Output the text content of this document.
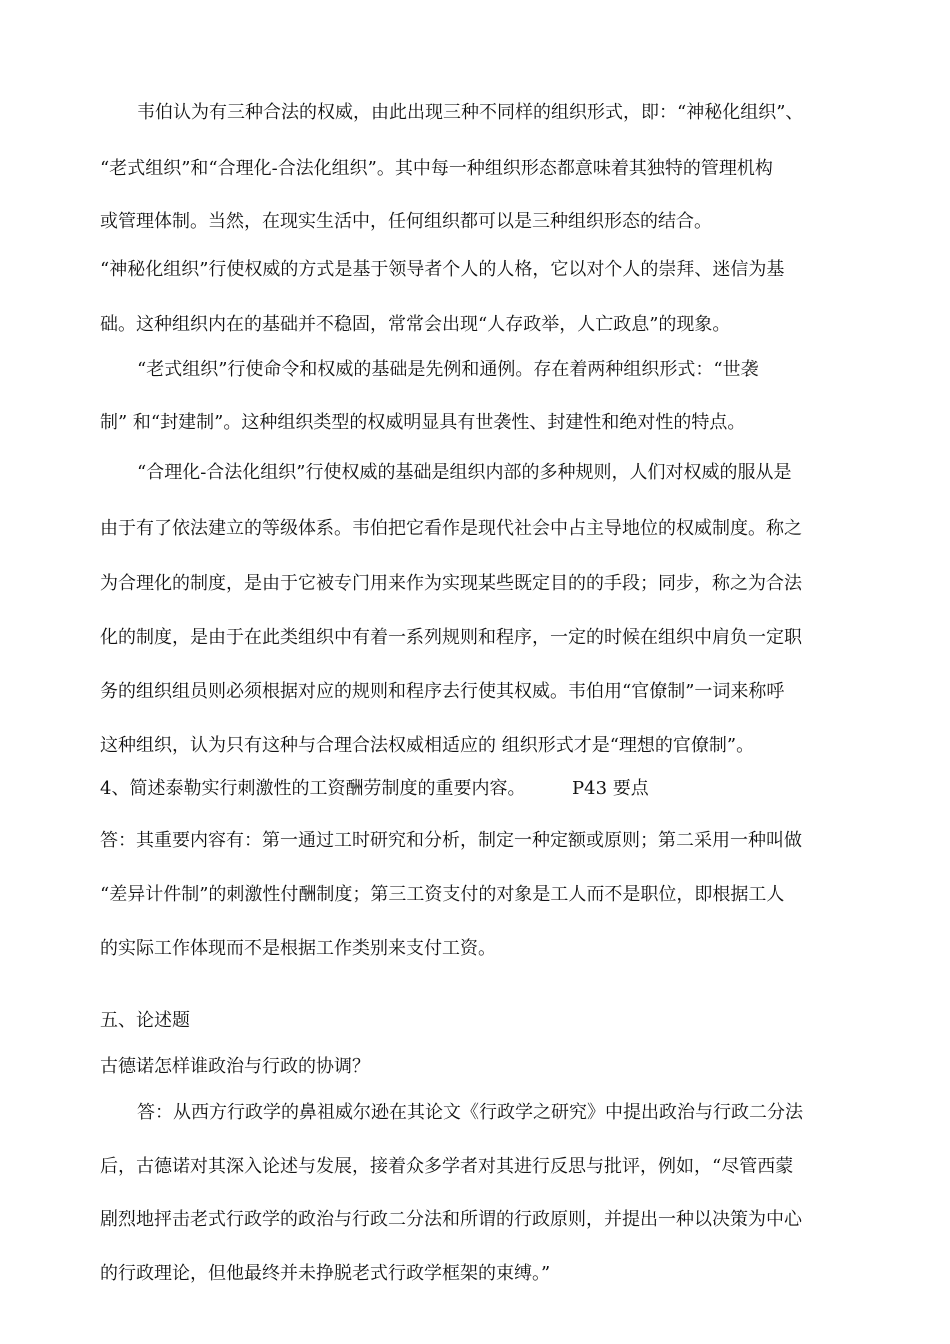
韦伯认为有三种合法的权威，由此出现三种不同样的组织形式，即：“神秘化组织”、
“老式组织”和“合理化-合法化组织”。其中每一种组织形态都意味着其独特的管理机构
或管理体制。当然，在现实生活中，任何组织都可以是三种组织形态的结合。
“神秘化组织”行使权威的方式是基于领导者个人的人格，它以对个人的崇拜、迷信为基
础。这种组织内在的基础并不稳固，常常会出现“人存政举，人亡政息”的现象。
“老式组织”行使命令和权威的基础是先例和通例。存在着两种组织形式：“世袭
制” 和“封建制”。这种组织类型的权威明显具有世袭性、封建性和绝对性的特点。
“合理化-合法化组织”行使权威的基础是组织内部的多种规则，人们对权威的服从是
由于有了依法建立的等级体系。韦伯把它看作是现代社会中占主导地位的权威制度。称之
为合理化的制度，是由于它被专门用来作为实现某些既定目的的手段；同步，称之为合法
化的制度，是由于在此类组织中有着一系列规则和程序，一定的时候在组织中肩负一定职
务的组织组员则必须根据对应的规则和程序去行使其权威。韦伯用“官僚制”一词来称呼
这种组织，认为只有这种与合理合法权威相适应的 组织形式才是“理想的官僚制”。
4、简述泰勒实行刺激性的工资酬劳制度的重要内容。	P43 要点
答：其重要内容有：第一通过工时研究和分析，制定一种定额或原则；第二采用一种叫做
“差异计件制”的刺激性付酬制度；第三工资支付的对象是工人而不是职位，即根据工人
的实际工作体现而不是根据工作类别来支付工资。
五、论述题
古德诺怎样谁政治与行政的协调？
答：从西方行政学的鼻祖威尔逊在其论文《行政学之研究》中提出政治与行政二分法
后，古德诺对其深入论述与发展，接着众多学者对其进行反思与批评，例如，“尽管西蒙
剧烈地抨击老式行政学的政治与行政二分法和所谓的行政原则，并提出一种以决策为中心
的行政理论，但他最终并未挣脱老式行政学框架的束缚。”
